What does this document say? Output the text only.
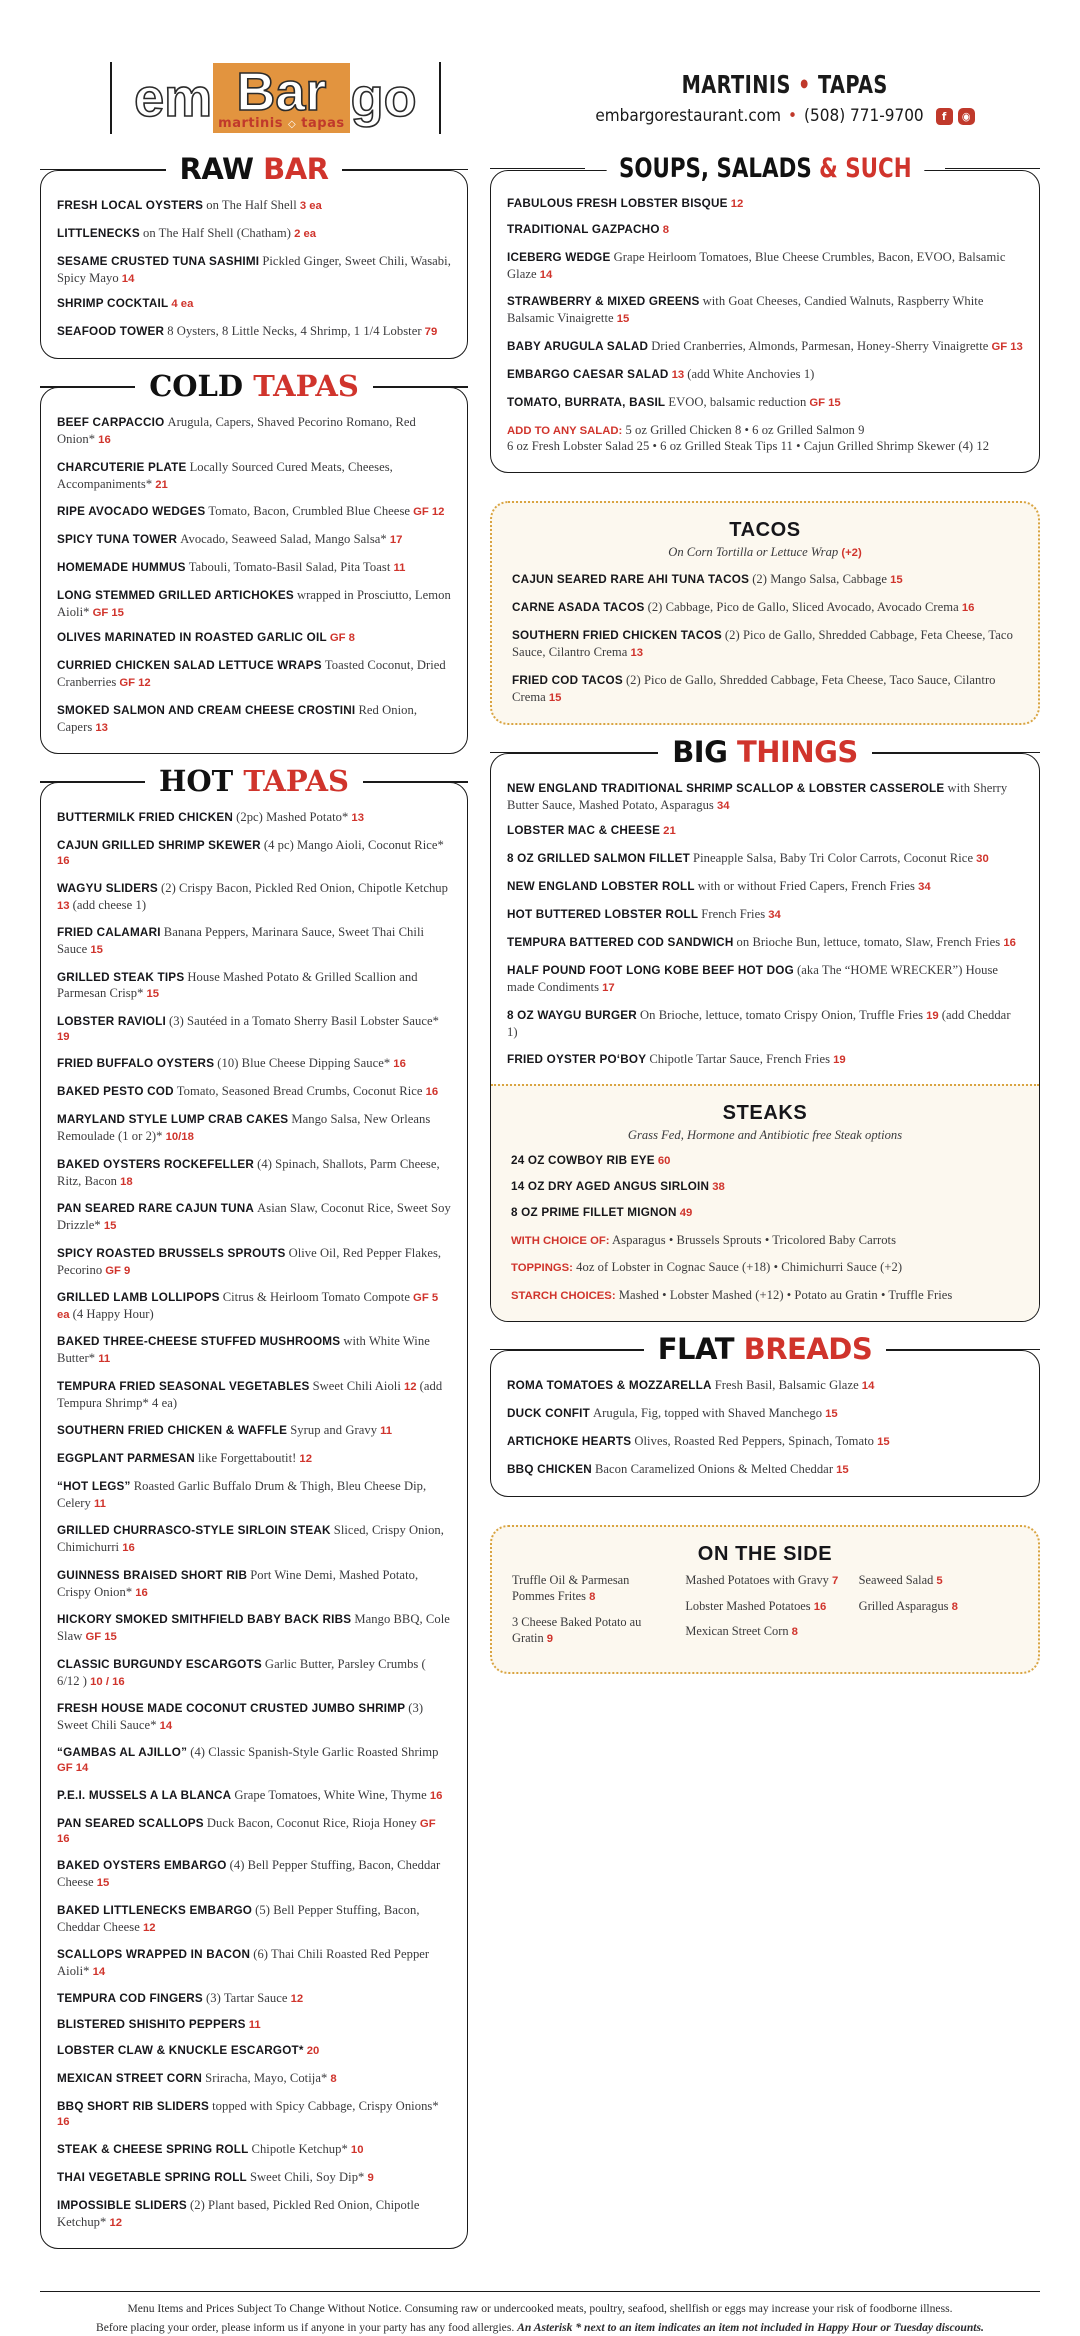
em Bar
martinis ◇ tapas go	MARTINIS • TAPAS
embargorestaurant.com • (508) 771-9700	f	◉
RAW BAR
FRESH LOCAL OYSTERS on The Half Shell 3 ea
LITTLENECKS on The Half Shell (Chatham) 2 ea
SESAME CRUSTED TUNA SASHIMI Pickled Ginger, Sweet Chili, Wasabi, Spicy Mayo 14
SHRIMP COCKTAIL 4 ea
SEAFOOD TOWER 8 Oysters, 8 Little Necks, 4 Shrimp, 1 1/4 Lobster 79
COLD TAPAS
BEEF CARPACCIO Arugula, Capers, Shaved Pecorino Romano, Red Onion* 16
CHARCUTERIE PLATE Locally Sourced Cured Meats, Cheeses, Accompaniments* 21
RIPE AVOCADO WEDGES Tomato, Bacon, Crumbled Blue Cheese GF 12
SPICY TUNA TOWER Avocado, Seaweed Salad, Mango Salsa* 17
HOMEMADE HUMMUS Tabouli, Tomato-Basil Salad, Pita Toast 11
LONG STEMMED GRILLED ARTICHOKES wrapped in Prosciutto, Lemon Aioli* GF 15
OLIVES MARINATED IN ROASTED GARLIC OIL GF 8
CURRIED CHICKEN SALAD LETTUCE WRAPS Toasted Coconut, Dried Cranberries GF 12
SMOKED SALMON AND CREAM CHEESE CROSTINI Red Onion, Capers 13
HOT TAPAS
BUTTERMILK FRIED CHICKEN (2pc) Mashed Potato* 13
CAJUN GRILLED SHRIMP SKEWER (4 pc) Mango Aioli, Coconut Rice* 16
WAGYU SLIDERS (2) Crispy Bacon, Pickled Red Onion, Chipotle Ketchup 13 (add cheese 1)
FRIED CALAMARI Banana Peppers, Marinara Sauce, Sweet Thai Chili Sauce 15
GRILLED STEAK TIPS House Mashed Potato & Grilled Scallion and Parmesan Crisp* 15
LOBSTER RAVIOLI (3) Sautéed in a Tomato Sherry Basil Lobster Sauce* 19
FRIED BUFFALO OYSTERS (10) Blue Cheese Dipping Sauce* 16
BAKED PESTO COD Tomato, Seasoned Bread Crumbs, Coconut Rice 16
MARYLAND STYLE LUMP CRAB CAKES Mango Salsa, New Orleans Remoulade (1 or 2)* 10/18
BAKED OYSTERS ROCKEFELLER (4) Spinach, Shallots, Parm Cheese, Ritz, Bacon 18
PAN SEARED RARE CAJUN TUNA Asian Slaw, Coconut Rice, Sweet Soy Drizzle* 15
SPICY ROASTED BRUSSELS SPROUTS Olive Oil, Red Pepper Flakes, Pecorino GF 9
GRILLED LAMB LOLLIPOPS Citrus & Heirloom Tomato Compote GF 5 ea (4 Happy Hour)
BAKED THREE-CHEESE STUFFED MUSHROOMS with White Wine Butter* 11
TEMPURA FRIED SEASONAL VEGETABLES Sweet Chili Aioli 12 (add Tempura Shrimp* 4 ea)
SOUTHERN FRIED CHICKEN & WAFFLE Syrup and Gravy 11
EGGPLANT PARMESAN like Forgettaboutit! 12
“HOT LEGS” Roasted Garlic Buffalo Drum & Thigh, Bleu Cheese Dip, Celery 11
GRILLED CHURRASCO-STYLE SIRLOIN STEAK Sliced, Crispy Onion, Chimichurri 16
GUINNESS BRAISED SHORT RIB Port Wine Demi, Mashed Potato, Crispy Onion* 16
HICKORY SMOKED SMITHFIELD BABY BACK RIBS Mango BBQ, Cole Slaw GF 15
CLASSIC BURGUNDY ESCARGOTS Garlic Butter, Parsley Crumbs ( 6/12 ) 10 / 16
FRESH HOUSE MADE COCONUT CRUSTED JUMBO SHRIMP (3) Sweet Chili Sauce* 14
“GAMBAS AL AJILLO” (4) Classic Spanish-Style Garlic Roasted Shrimp GF 14
P.E.I. MUSSELS A LA BLANCA Grape Tomatoes, White Wine, Thyme 16
PAN SEARED SCALLOPS Duck Bacon, Coconut Rice, Rioja Honey GF 16
BAKED OYSTERS EMBARGO (4) Bell Pepper Stuffing, Bacon, Cheddar Cheese 15
BAKED LITTLENECKS EMBARGO (5) Bell Pepper Stuffing, Bacon, Cheddar Cheese 12
SCALLOPS WRAPPED IN BACON (6) Thai Chili Roasted Red Pepper Aioli* 14
TEMPURA COD FINGERS (3) Tartar Sauce 12
BLISTERED SHISHITO PEPPERS 11
LOBSTER CLAW & KNUCKLE ESCARGOT* 20
MEXICAN STREET CORN Sriracha, Mayo, Cotija* 8
BBQ SHORT RIB SLIDERS topped with Spicy Cabbage, Crispy Onions* 16
STEAK & CHEESE SPRING ROLL Chipotle Ketchup* 10
THAI VEGETABLE SPRING ROLL Sweet Chili, Soy Dip* 9
IMPOSSIBLE SLIDERS (2) Plant based, Pickled Red Onion, Chipotle Ketchup* 12
SOUPS, SALADS & SUCH
FABULOUS FRESH LOBSTER BISQUE 12
TRADITIONAL GAZPACHO 8
ICEBERG WEDGE Grape Heirloom Tomatoes, Blue Cheese Crumbles, Bacon, EVOO, Balsamic Glaze 14
STRAWBERRY & MIXED GREENS with Goat Cheeses, Candied Walnuts, Raspberry White Balsamic Vinaigrette 15
BABY ARUGULA SALAD Dried Cranberries, Almonds, Parmesan, Honey-Sherry Vinaigrette GF 13
EMBARGO CAESAR SALAD 13 (add White Anchovies 1)
TOMATO, BURRATA, BASIL EVOO, balsamic reduction GF 15
ADD TO ANY SALAD: 5 oz Grilled Chicken 8 • 6 oz Grilled Salmon 9
6 oz Fresh Lobster Salad 25 • 6 oz Grilled Steak Tips 11 • Cajun Grilled Shrimp Skewer (4) 12
TACOS
On Corn Tortilla or Lettuce Wrap (+2)
CAJUN SEARED RARE AHI TUNA TACOS (2) Mango Salsa, Cabbage 15
CARNE ASADA TACOS (2) Cabbage, Pico de Gallo, Sliced Avocado, Avocado Crema 16
SOUTHERN FRIED CHICKEN TACOS (2) Pico de Gallo, Shredded Cabbage, Feta Cheese, Taco Sauce, Cilantro Crema 13
FRIED COD TACOS (2) Pico de Gallo, Shredded Cabbage, Feta Cheese, Taco Sauce, Cilantro Crema 15
BIG THINGS
NEW ENGLAND TRADITIONAL SHRIMP SCALLOP & LOBSTER CASSEROLE with Sherry Butter Sauce, Mashed Potato, Asparagus 34
LOBSTER MAC & CHEESE 21
8 OZ GRILLED SALMON FILLET Pineapple Salsa, Baby Tri Color Carrots, Coconut Rice 30
NEW ENGLAND LOBSTER ROLL with or without Fried Capers, French Fries 34
HOT BUTTERED LOBSTER ROLL French Fries 34
TEMPURA BATTERED COD SANDWICH on Brioche Bun, lettuce, tomato, Slaw, French Fries 16
HALF POUND FOOT LONG KOBE BEEF HOT DOG (aka The “HOME WRECKER”) House made Condiments 17
8 OZ WAYGU BURGER On Brioche, lettuce, tomato Crispy Onion, Truffle Fries 19 (add Cheddar 1)
FRIED OYSTER PO‘BOY Chipotle Tartar Sauce, French Fries 19
STEAKS
Grass Fed, Hormone and Antibiotic free Steak options
24 OZ COWBOY RIB EYE 60
14 OZ DRY AGED ANGUS SIRLOIN 38
8 OZ PRIME FILLET MIGNON 49
WITH CHOICE OF: Asparagus • Brussels Sprouts • Tricolored Baby Carrots
TOPPINGS: 4oz of Lobster in Cognac Sauce (+18) • Chimichurri Sauce (+2)
STARCH CHOICES: Mashed • Lobster Mashed (+12) • Potato au Gratin • Truffle Fries
FLAT BREADS
ROMA TOMATOES & MOZZARELLA Fresh Basil, Balsamic Glaze 14
DUCK CONFIT Arugula, Fig, topped with Shaved Manchego 15
ARTICHOKE HEARTS Olives, Roasted Red Peppers, Spinach, Tomato 15
BBQ CHICKEN Bacon Caramelized Onions & Melted Cheddar 15
ON THE SIDE
Truffle Oil & Parmesan Pommes Frites 8
3 Cheese Baked Potato au Gratin 9
Mashed Potatoes with Gravy 7
Lobster Mashed Potatoes 16
Mexican Street Corn 8
Seaweed Salad 5
Grilled Asparagus 8

Menu Items and Prices Subject To Change Without Notice. Consuming raw or undercooked meats, poultry, seafood, shellfish or eggs may increase your risk of foodborne illness.

Before placing your order, please inform us if anyone in your party has any food allergies. An Asterisk * next to an item indicates an item not included in Happy Hour or Tuesday discounts.
